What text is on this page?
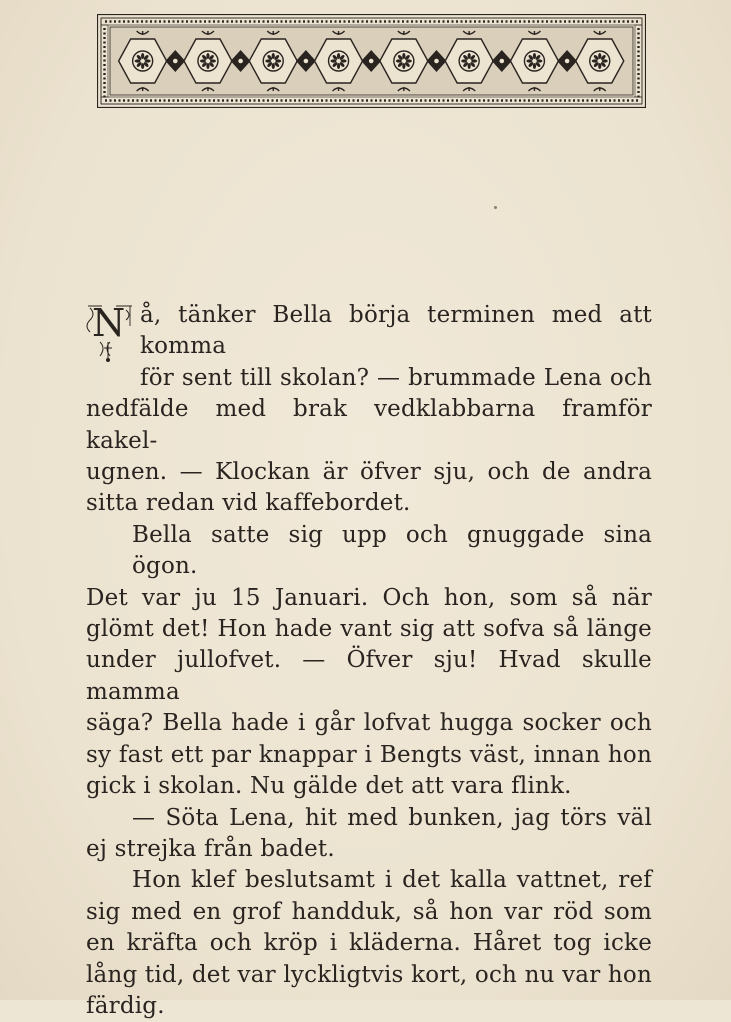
N å, tänker Bella börja terminen med att komma
för sent till skolan? — brummade Lena och
nedfälde med brak vedklabbarna framför kakel-
ugnen. — Klockan är öfver sju, och de andra
sitta redan vid kaffebordet.

Bella satte sig upp och gnuggade sina ögon.
Det var ju 15 Januari. Och hon, som så när
glömt det! Hon hade vant sig att sofva så länge
under jullofvet. — Öfver sju! Hvad skulle mamma
säga? Bella hade i går lofvat hugga socker och
sy fast ett par knappar i Bengts väst, innan hon
gick i skolan. Nu gälde det att vara flink.

— Söta Lena, hit med bunken, jag törs väl
ej strejka från badet.

Hon klef beslutsamt i det kalla vattnet, ref
sig med en grof handduk, så hon var röd som
en kräfta och kröp i kläderna. Håret tog icke
lång tid, det var lyckligtvis kort, och nu var hon
färdig.
